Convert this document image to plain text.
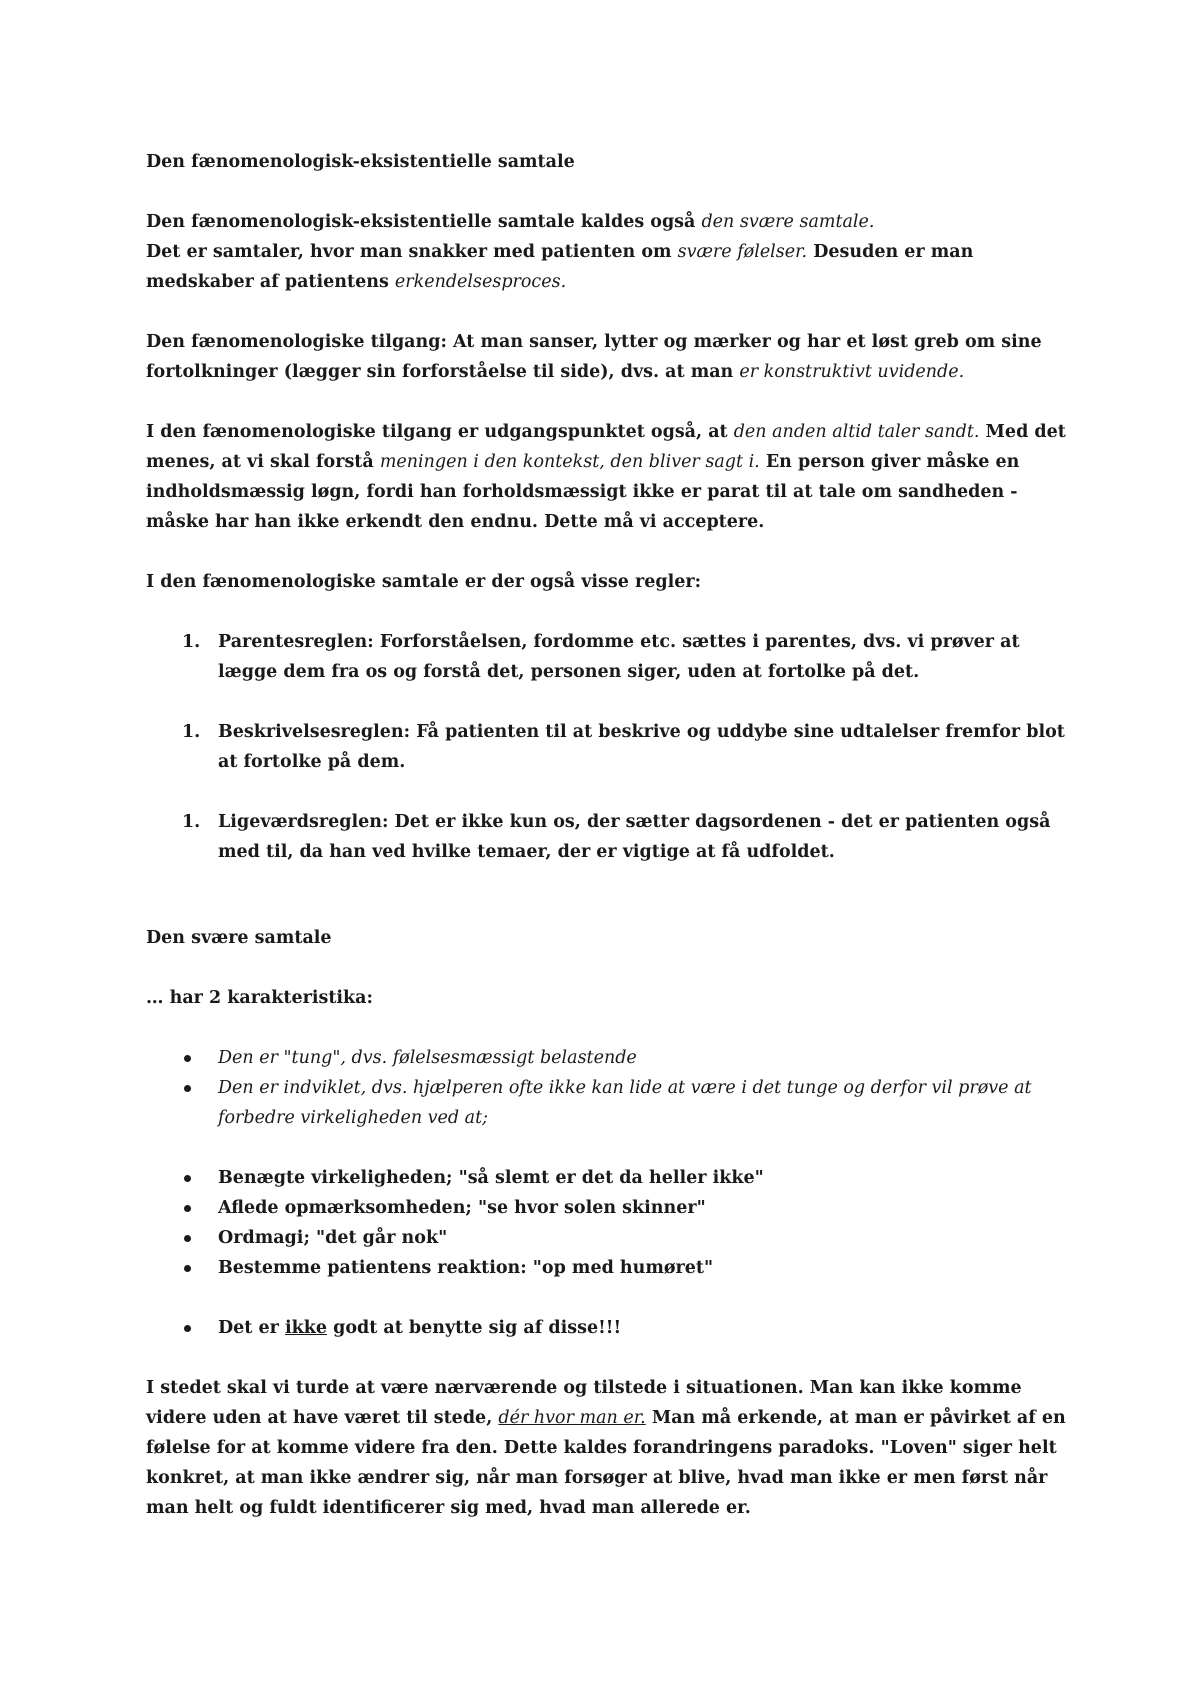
Den fænomenologisk-eksistentielle samtale

Den fænomenologisk-eksistentielle samtale kaldes også den svære samtale.
Det er samtaler, hvor man snakker med patienten om svære følelser. Desuden er man medskaber af patientens erkendelsesproces.

Den fænomenologiske tilgang: At man sanser, lytter og mærker og har et løst greb om sine fortolkninger (lægger sin forforståelse til side), dvs. at man er konstruktivt uvidende.

I den fænomenologiske tilgang er udgangspunktet også, at den anden altid taler sandt. Med det menes, at vi skal forstå meningen i den kontekst, den bliver sagt i. En person giver måske en indholdsmæssig løgn, fordi han forholdsmæssigt ikke er parat til at tale om sandheden - måske har han ikke erkendt den endnu. Dette må vi acceptere.

I den fænomenologiske samtale er der også visse regler:

1. Parentesreglen: Forforståelsen, fordomme etc. sættes i parentes, dvs. vi prøver at lægge dem fra os og forstå det, personen siger, uden at fortolke på det.
1. Beskrivelsesreglen: Få patienten til at beskrive og uddybe sine udtalelser fremfor blot at fortolke på dem.
1. Ligeværdsreglen: Det er ikke kun os, der sætter dagsordenen - det er patienten også med til, da han ved hvilke temaer, der er vigtige at få udfoldet.

Den svære samtale

… har 2 karakteristika:

Den er "tung", dvs. følelsesmæssigt belastende
Den er indviklet, dvs. hjælperen ofte ikke kan lide at være i det tunge og derfor vil prøve at forbedre virkeligheden ved at;
Benægte virkeligheden; "så slemt er det da heller ikke"
Aflede opmærksomheden; "se hvor solen skinner"
Ordmagi; "det går nok"
Bestemme patientens reaktion: "op med humøret"
Det er ikke godt at benytte sig af disse!!!

I stedet skal vi turde at være nærværende og tilstede i situationen. Man kan ikke komme videre uden at have været til stede, dér hvor man er. Man må erkende, at man er påvirket af en følelse for at komme videre fra den. Dette kaldes forandringens paradoks. "Loven" siger helt konkret, at man ikke ændrer sig, når man forsøger at blive, hvad man ikke er men først når man helt og fuldt identificerer sig med, hvad man allerede er.
